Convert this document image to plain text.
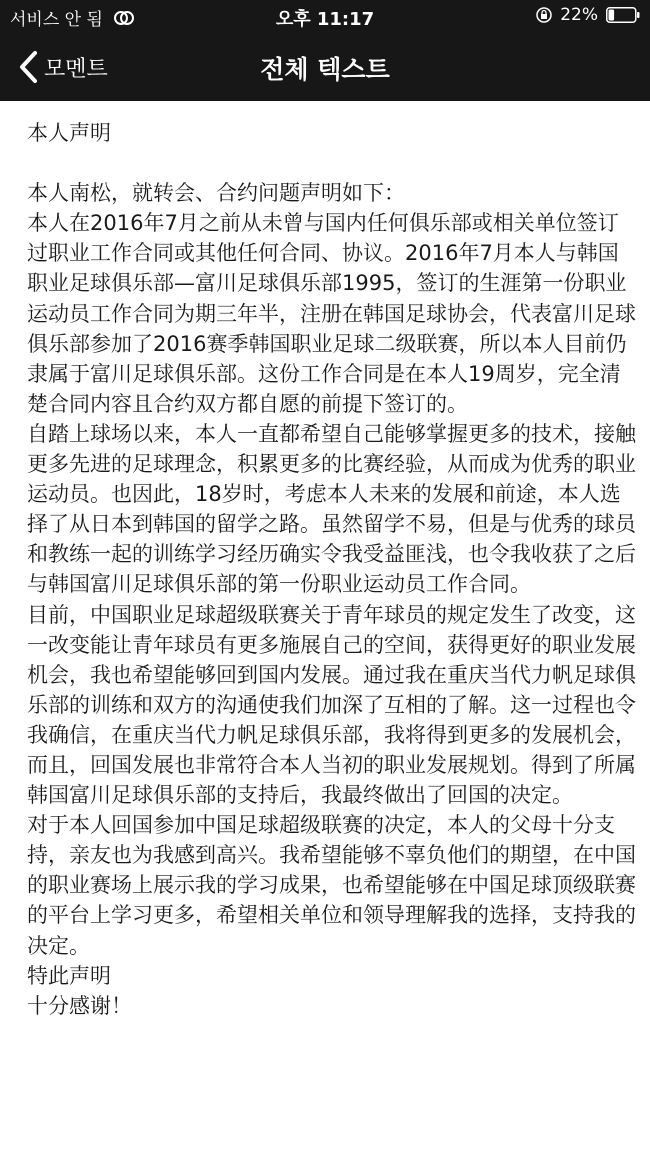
서비스 안 됨	오후 11:17	22%
모멘트	전체 텍스트

本人声明

本人南松，就转会、合约问题声明如下：

本人在2016年7月之前从未曾与国内任何俱乐部或相关单位签订过职业工作合同或其他任何合同、协议。2016年7月本人与韩国职业足球俱乐部—富川足球俱乐部1995，签订的生涯第一份职业运动员工作合同为期三年半，注册在韩国足球协会，代表富川足球俱乐部参加了2016赛季韩国职业足球二级联赛，所以本人目前仍隶属于富川足球俱乐部。这份工作合同是在本人19周岁，完全清楚合同内容且合约双方都自愿的前提下签订的。

自踏上球场以来，本人一直都希望自己能够掌握更多的技术，接触更多先进的足球理念，积累更多的比赛经验，从而成为优秀的职业运动员。也因此，18岁时，考虑本人未来的发展和前途，本人选择了从日本到韩国的留学之路。虽然留学不易，但是与优秀的球员和教练一起的训练学习经历确实令我受益匪浅，也令我收获了之后与韩国富川足球俱乐部的第一份职业运动员工作合同。

目前，中国职业足球超级联赛关于青年球员的规定发生了改变，这一改变能让青年球员有更多施展自己的空间，获得更好的职业发展机会，我也希望能够回到国内发展。通过我在重庆当代力帆足球俱乐部的训练和双方的沟通使我们加深了互相的了解。这一过程也令我确信，在重庆当代力帆足球俱乐部，我将得到更多的发展机会，而且，回国发展也非常符合本人当初的职业发展规划。得到了所属韩国富川足球俱乐部的支持后，我最终做出了回国的决定。

对于本人回国参加中国足球超级联赛的决定，本人的父母十分支持，亲友也为我感到高兴。我希望能够不辜负他们的期望，在中国的职业赛场上展示我的学习成果，也希望能够在中国足球顶级联赛的平台上学习更多，希望相关单位和领导理解我的选择，支持我的决定。

特此声明

十分感谢！
